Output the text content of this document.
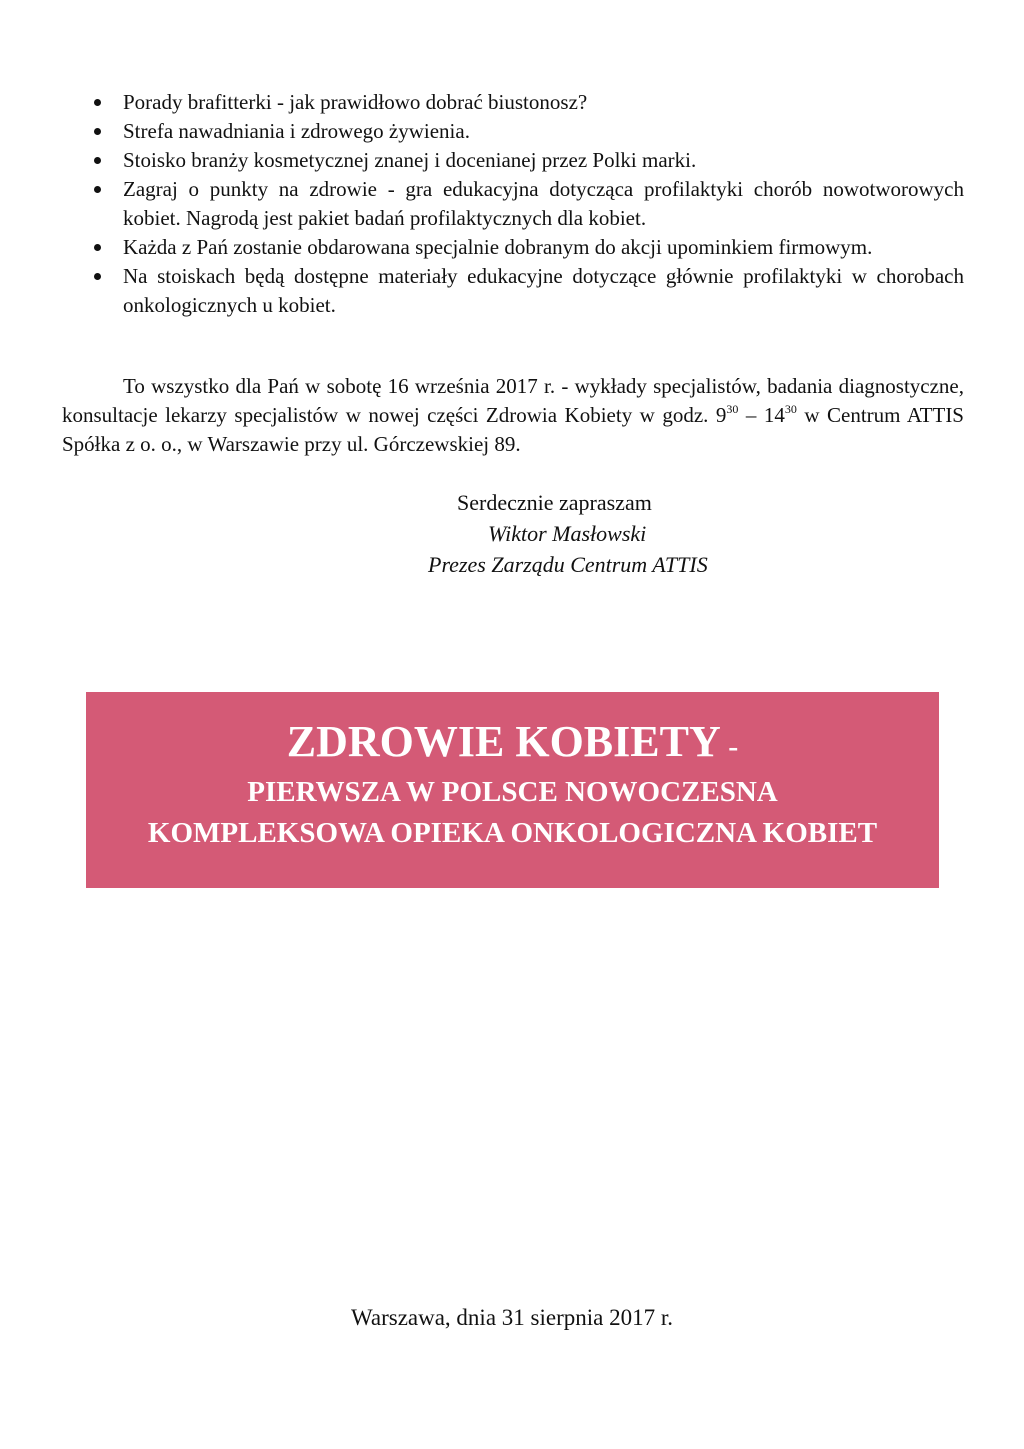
Porady brafitterki - jak prawidłowo dobrać biustonosz?
Strefa nawadniania i zdrowego żywienia.
Stoisko branży kosmetycznej znanej i docenianej przez Polki marki.
Zagraj o punkty na zdrowie - gra edukacyjna dotycząca profilaktyki chorób nowotworowych kobiet. Nagrodą jest pakiet badań profilaktycznych dla kobiet.
Każda z Pań zostanie obdarowana specjalnie dobranym do akcji upominkiem firmowym.
Na stoiskach będą dostępne materiały edukacyjne dotyczące głównie profilaktyki w chorobach onkologicznych u kobiet.

To wszystko dla Pań w sobotę 16 września 2017 r. - wykłady specjalistów, badania diagnostyczne, konsultacje lekarzy specjalistów w nowej części Zdrowia Kobiety w godz. $9^{30} - 14^{30}$ w Centrum ATTIS Spółka z o. o., w Warszawie przy ul. Górczewskiej 89.

Serdecznie zapraszam
Wiktor Masłowski
Prezes Zarządu Centrum ATTIS
ZDROWIE KOBIETY -
PIERWSZA W POLSCE NOWOCZESNA
KOMPLEKSOWA OPIEKA ONKOLOGICZNA KOBIET
Warszawa, dnia 31 sierpnia 2017 r.
